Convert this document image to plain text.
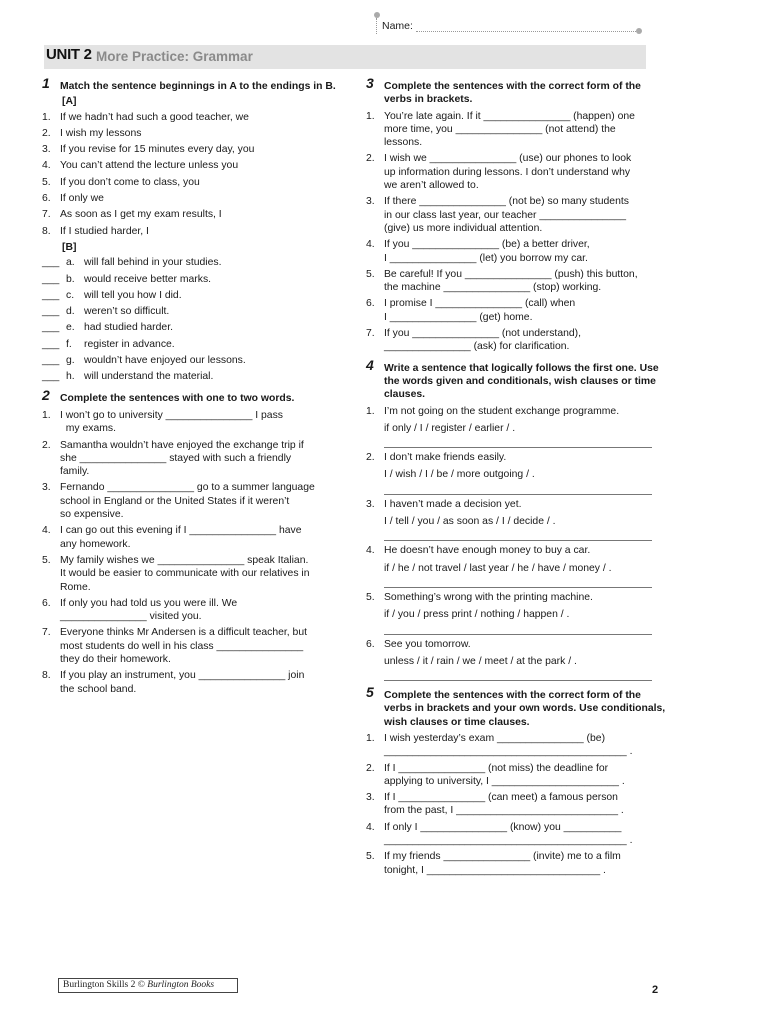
Name:
UNIT 2 More Practice: Grammar
1 Match the sentence beginnings in A to the endings in B.
[A]
1. If we hadn’t had such a good teacher, we
2. I wish my lessons
3. If you revise for 15 minutes every day, you
4. You can’t attend the lecture unless you
5. If you don’t come to class, you
6. If only we
7. As soon as I get my exam results, I
8. If I studied harder, I
[B]
___ a. will fall behind in your studies.
___ b. would receive better marks.
___ c. will tell you how I did.
___ d. weren’t so difficult.
___ e. had studied harder.
___ f. register in advance.
___ g. wouldn’t have enjoyed our lessons.
___ h. will understand the material.
2 Complete the sentences with one to two words.
1. I won’t go to university _______________ I pass
my exams.
2. Samantha wouldn’t have enjoyed the exchange trip if
she _______________ stayed with such a friendly
family.
3. Fernando _______________ go to a summer language
school in England or the United States if it weren’t
so expensive.
4. I can go out this evening if I _______________ have
any homework.
5. My family wishes we _______________ speak Italian.
It would be easier to communicate with our relatives in
Rome.
6. If only you had told us you were ill. We
_______________ visited you.
7. Everyone thinks Mr Andersen is a difficult teacher, but
most students do well in his class _______________
they do their homework.
8. If you play an instrument, you _______________ join
the school band.
3 Complete the sentences with the correct form of the verbs in brackets.
1. You’re late again. If it _______________ (happen) one
more time, you _______________ (not attend) the
lessons.
2. I wish we _______________ (use) our phones to look
up information during lessons. I don’t understand why
we aren’t allowed to.
3. If there _______________ (not be) so many students
in our class last year, our teacher _______________
(give) us more individual attention.
4. If you _______________ (be) a better driver,
I _______________ (let) you borrow my car.
5. Be careful! If you _______________ (push) this button,
the machine _______________ (stop) working.
6. I promise I _______________ (call) when
I _______________ (get) home.
7. If you _______________ (not understand),
_______________ (ask) for clarification.
4 Write a sentence that logically follows the first one. Use the words given and conditionals, wish clauses or time clauses.
1. I’m not going on the student exchange programme.
if only / I / register / earlier / .
2. I don’t make friends easily.
I / wish / I / be / more outgoing / .
3. I haven’t made a decision yet.
I / tell / you / as soon as / I / decide / .
4. He doesn’t have enough money to buy a car.
if / he / not travel / last year / he / have / money / .
5. Something’s wrong with the printing machine.
if / you / press print / nothing / happen / .
6. See you tomorrow.
unless / it / rain / we / meet / at the park / .
5 Complete the sentences with the correct form of the verbs in brackets and your own words. Use conditionals, wish clauses or time clauses.
1. I wish yesterday’s exam _______________ (be)
__________________________________________ .
2. If I _______________ (not miss) the deadline for
applying to university, I ______________________ .
3. If I _______________ (can meet) a famous person
from the past, I ____________________________ .
4. If only I _______________ (know) you __________
__________________________________________ .
5. If my friends _______________ (invite) me to a film
tonight, I ______________________________ .
Burlington Skills 2 © Burlington Books	2
